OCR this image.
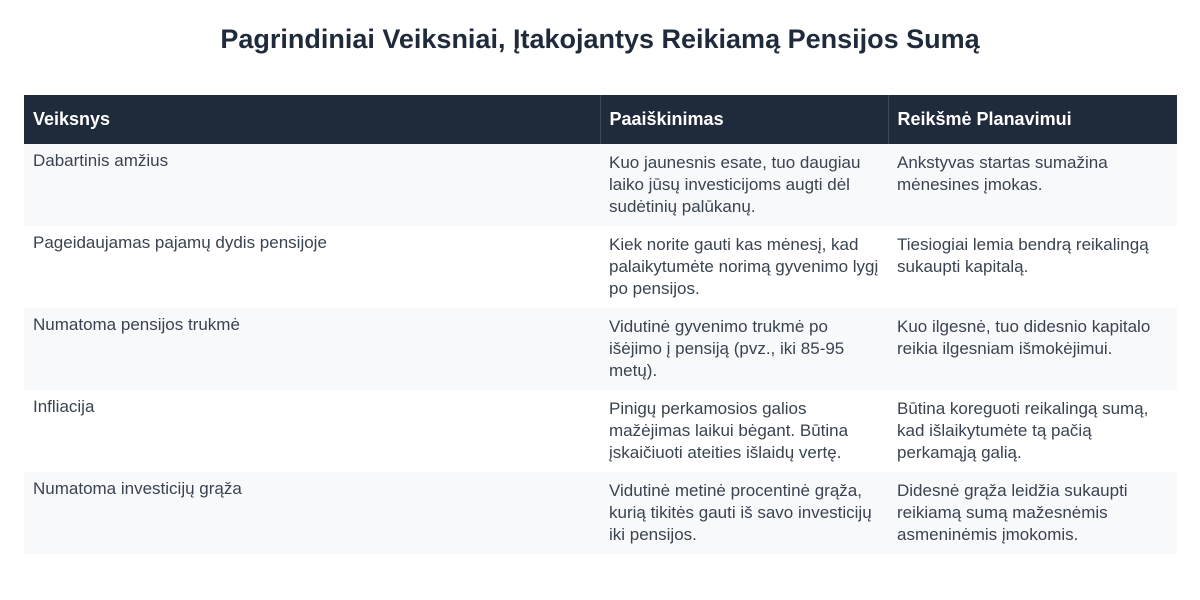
Pagrindiniai Veiksniai, Įtakojantys Reikiamą Pensijos Sumą
Veiksnys	Paaiškinimas	Reikšmė Planavimui
Dabartinis amžius	Kuo jaunesnis esate, tuo daugiau laiko jūsų investicijoms augti dėl sudėtinių palūkanų.	Ankstyvas startas sumažina mėnesines įmokas.
Pageidaujamas pajamų dydis pensijoje	Kiek norite gauti kas mėnesį, kad palaikytumėte norimą gyvenimo lygį po pensijos.	Tiesiogiai lemia bendrą reikalingą sukaupti kapitalą.
Numatoma pensijos trukmė	Vidutinė gyvenimo trukmė po išėjimo į pensiją (pvz., iki 85-95 metų).	Kuo ilgesnė, tuo didesnio kapitalo reikia ilgesniam išmokėjimui.
Infliacija	Pinigų perkamosios galios mažėjimas laikui bėgant. Būtina įskaičiuoti ateities išlaidų vertę.	Būtina koreguoti reikalingą sumą, kad išlaikytumėte tą pačią perkamąją galią.
Numatoma investicijų grąža	Vidutinė metinė procentinė grąža, kurią tikitės gauti iš savo investicijų iki pensijos.	Didesnė grąža leidžia sukaupti reikiamą sumą mažesnėmis asmeninėmis įmokomis.
